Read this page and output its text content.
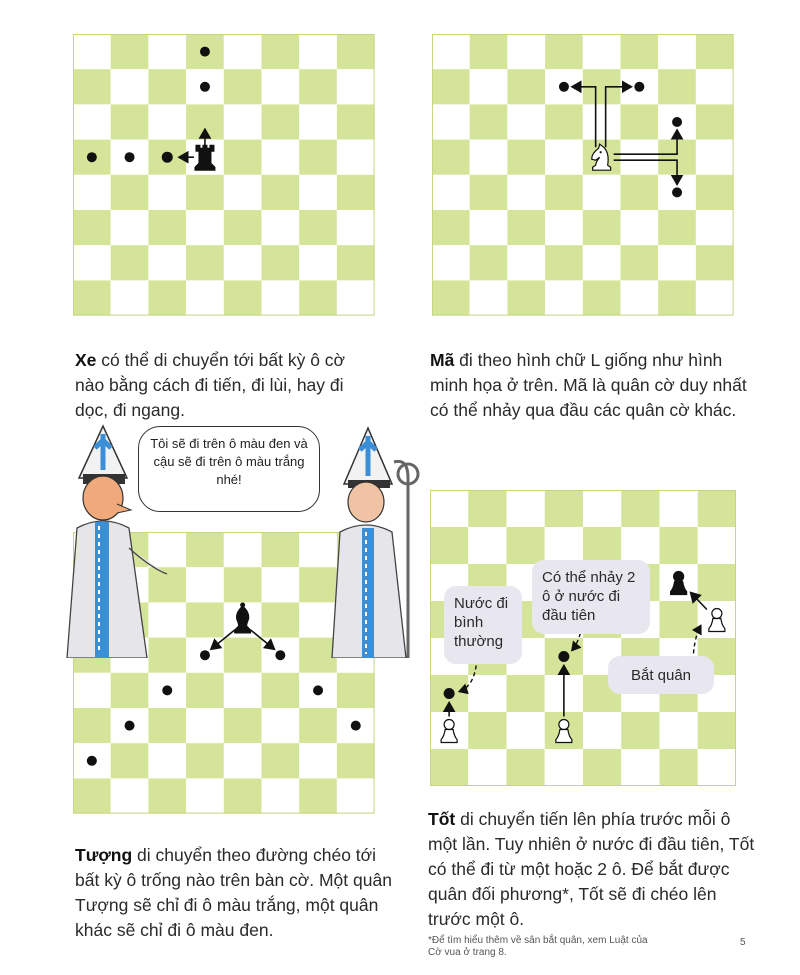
Xe có thể di chuyển tới bất kỳ ô cờ nào bằng cách đi tiến, đi lùi, hay đi dọc, đi ngang.
Mã đi theo hình chữ L giống như hình minh họa ở trên. Mã là quân cờ duy nhất có thể nhảy qua đầu các quân cờ khác.
Tượng di chuyển theo đường chéo tới bất kỳ ô trống nào trên bàn cờ. Một quân Tượng sẽ chỉ đi ô màu trắng, một quân khác sẽ chỉ đi ô màu đen.
Tốt di chuyển tiến lên phía trước mỗi ô một lần. Tuy nhiên ở nước đi đầu tiên, Tốt có thể đi từ một hoặc 2 ô. Để bắt được quân đối phương*, Tốt sẽ đi chéo lên trước một ô.
*Để tìm hiểu thêm về sân bắt quân, xem Luật của Cờ vua ở trang 8.
5
Tôi sẽ đi trên ô màu đen và cậu sẽ đi trên ô màu trắng nhé!
Nước đi bình thường
Có thể nhảy 2 ô ở nước đi đầu tiên
Bắt quân
